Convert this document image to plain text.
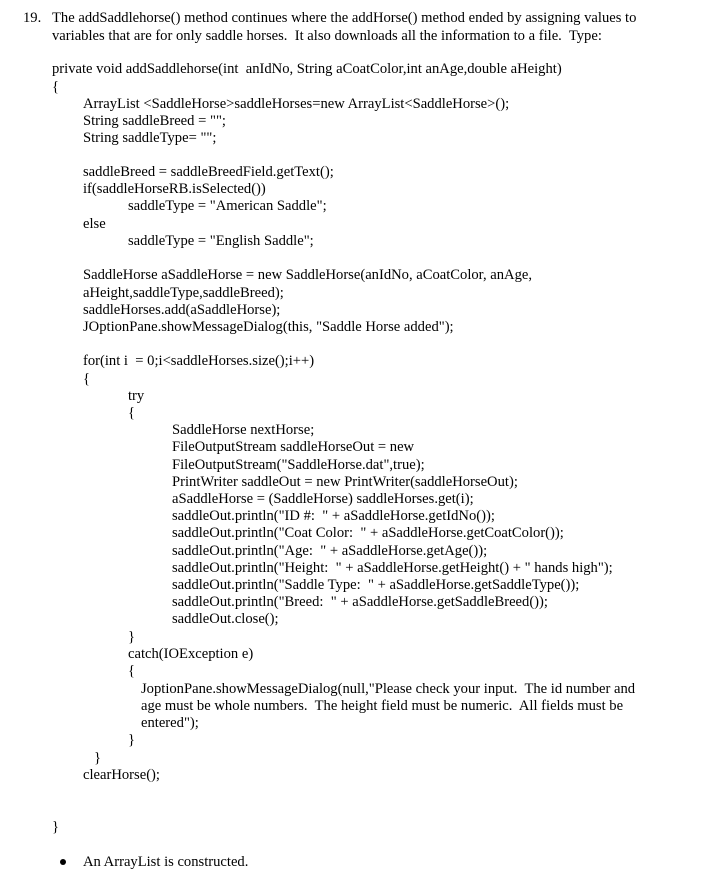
19. The addSaddlehorse() method continues where the addHorse() method ended by assigning values to
variables that are for only saddle horses.  It also downloads all the information to a file.  Type:
private void addSaddlehorse(int  anIdNo, String aCoatColor,int anAge,double aHeight)
{
ArrayList <SaddleHorse>saddleHorses=new ArrayList<SaddleHorse>();
String saddleBreed = "";
String saddleType= "";
saddleBreed = saddleBreedField.getText();
if(saddleHorseRB.isSelected())
saddleType = "American Saddle";
else
saddleType = "English Saddle";
SaddleHorse aSaddleHorse = new SaddleHorse(anIdNo, aCoatColor, anAge,
aHeight,saddleType,saddleBreed);
saddleHorses.add(aSaddleHorse);
JOptionPane.showMessageDialog(this, "Saddle Horse added");
for(int i  = 0;i<saddleHorses.size();i++)
{
try
{
SaddleHorse nextHorse;
FileOutputStream saddleHorseOut = new
FileOutputStream("SaddleHorse.dat",true);
PrintWriter saddleOut = new PrintWriter(saddleHorseOut);
aSaddleHorse = (SaddleHorse) saddleHorses.get(i);
saddleOut.println("ID #:  " + aSaddleHorse.getIdNo());
saddleOut.println("Coat Color:  " + aSaddleHorse.getCoatColor());
saddleOut.println("Age:  " + aSaddleHorse.getAge());
saddleOut.println("Height:  " + aSaddleHorse.getHeight() + " hands high");
saddleOut.println("Saddle Type:  " + aSaddleHorse.getSaddleType());
saddleOut.println("Breed:  " + aSaddleHorse.getSaddleBreed());
saddleOut.close();
}
catch(IOException e)
{
JoptionPane.showMessageDialog(null,"Please check your input.  The id number and
age must be whole numbers.  The height field must be numeric.  All fields must be
entered");
}
}
clearHorse();
}
An ArrayList is constructed.
